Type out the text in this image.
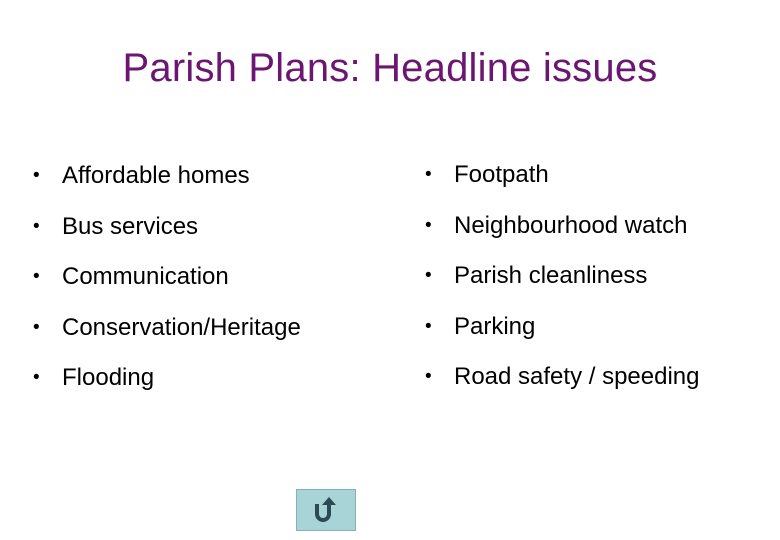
Parish Plans: Headline issues
• Affordable homes
• Bus services
• Communication
• Conservation/Heritage
• Flooding
• Footpath
• Neighbourhood watch
• Parish cleanliness
• Parking
• Road safety / speeding
